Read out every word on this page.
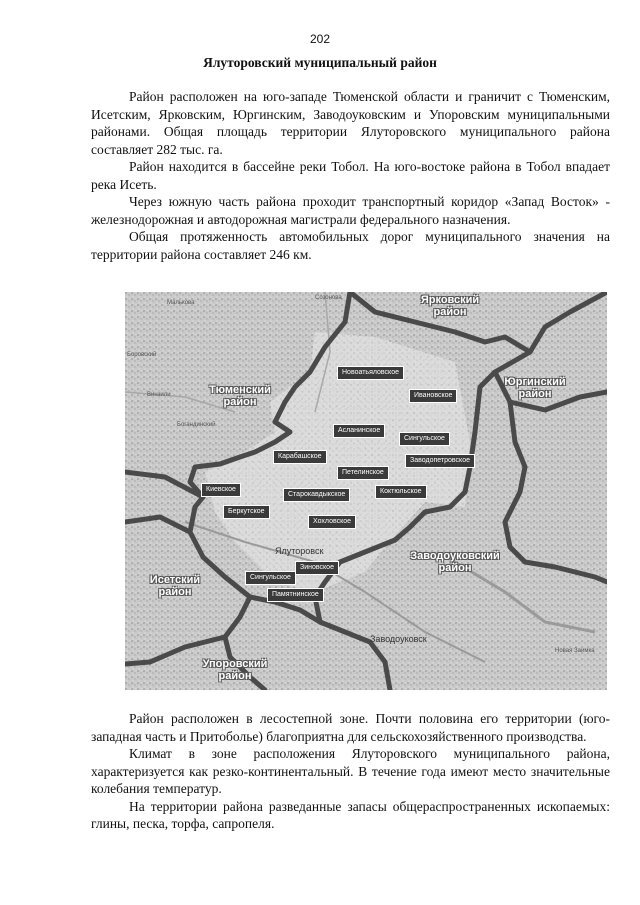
202
Ялуторовский муниципальный район

Район расположен на юго-западе Тюменской области и граничит с Тюменским, Исетским, Ярковским, Юргинским, Заводоуковским и Упоровским муниципальными районами. Общая площадь территории Ялуторовского муниципального района составляет 282 тыс. га.

Район находится в бассейне реки Тобол. На юго-востоке района в Тобол впадает река Исеть.

Через южную часть района проходит транспортный коридор «Запад Восток» - железнодорожная и автодорожная магистрали федерального назначения.

Общая протяженность автомобильных дорог муниципального значения на территории района составляет 246 км.

Ярковский
район
Юргинский
район
Тюменский
район
Исетский
район
Заводоуковский
район
Упоровский
район
Новоатьяловское
Ивановское
Асланинское
Сингульское
Карабашское
Заводопетровское
Петелинское
Киевское
Старокавдыкское	Коктюльское
Беркутское
Хохловское
Зиновское
Сингульское
Памятнинское
Ялуторовск
Заводоуковск
Малькова
Созонова
Боровский
Винзили
Богандинский
Новая Заимка

Район расположен в лесостепной зоне. Почти половина его территории (юго-западная часть и Притоболье) благоприятна для сельскохозяйственного производства.

Климат в зоне расположения Ялуторовского муниципального района, характеризуется как резко-континентальный. В течение года имеют место значительные колебания температур.

На территории района разведанные запасы общераспространенных ископаемых: глины, песка, торфа, сапропеля.
